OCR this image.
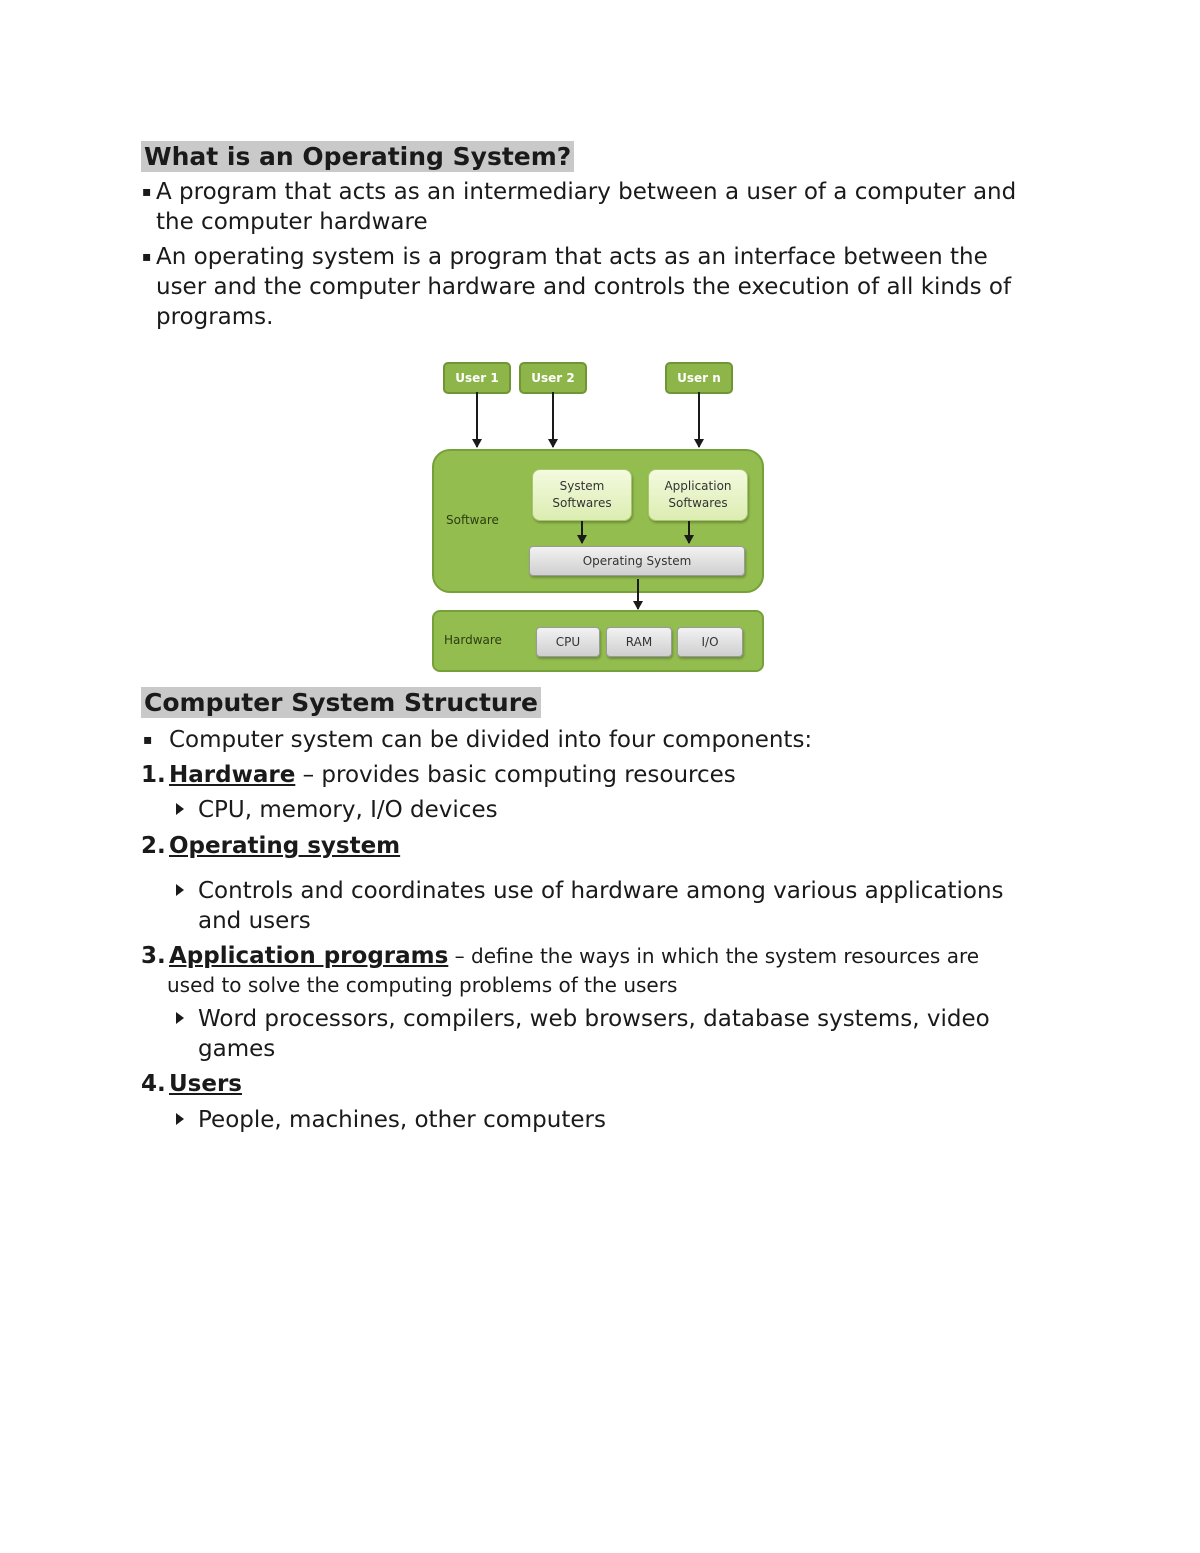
What is an Operating System?
▪ A program that acts as an intermediary between a user of a computer and
the computer hardware

▪ An operating system is a program that acts as an interface between the
user and the computer hardware and controls the execution of all kinds of
programs.

User 1	User 2	User n
Software
System
Softwares
Application
Softwares
Operating System
Hardware	CPU	RAM	I/O
Computer System Structure
▪ Computer system can be divided into four components:

1. Hardware – provides basic computing resources

CPU, memory, I/O devices

2. Operating system

Controls and coordinates use of hardware among various applications
and users

3. Application programs – define the ways in which the system resources are

used to solve the computing problems of the users

Word processors, compilers, web browsers, database systems, video
games

4. Users

People, machines, other computers
